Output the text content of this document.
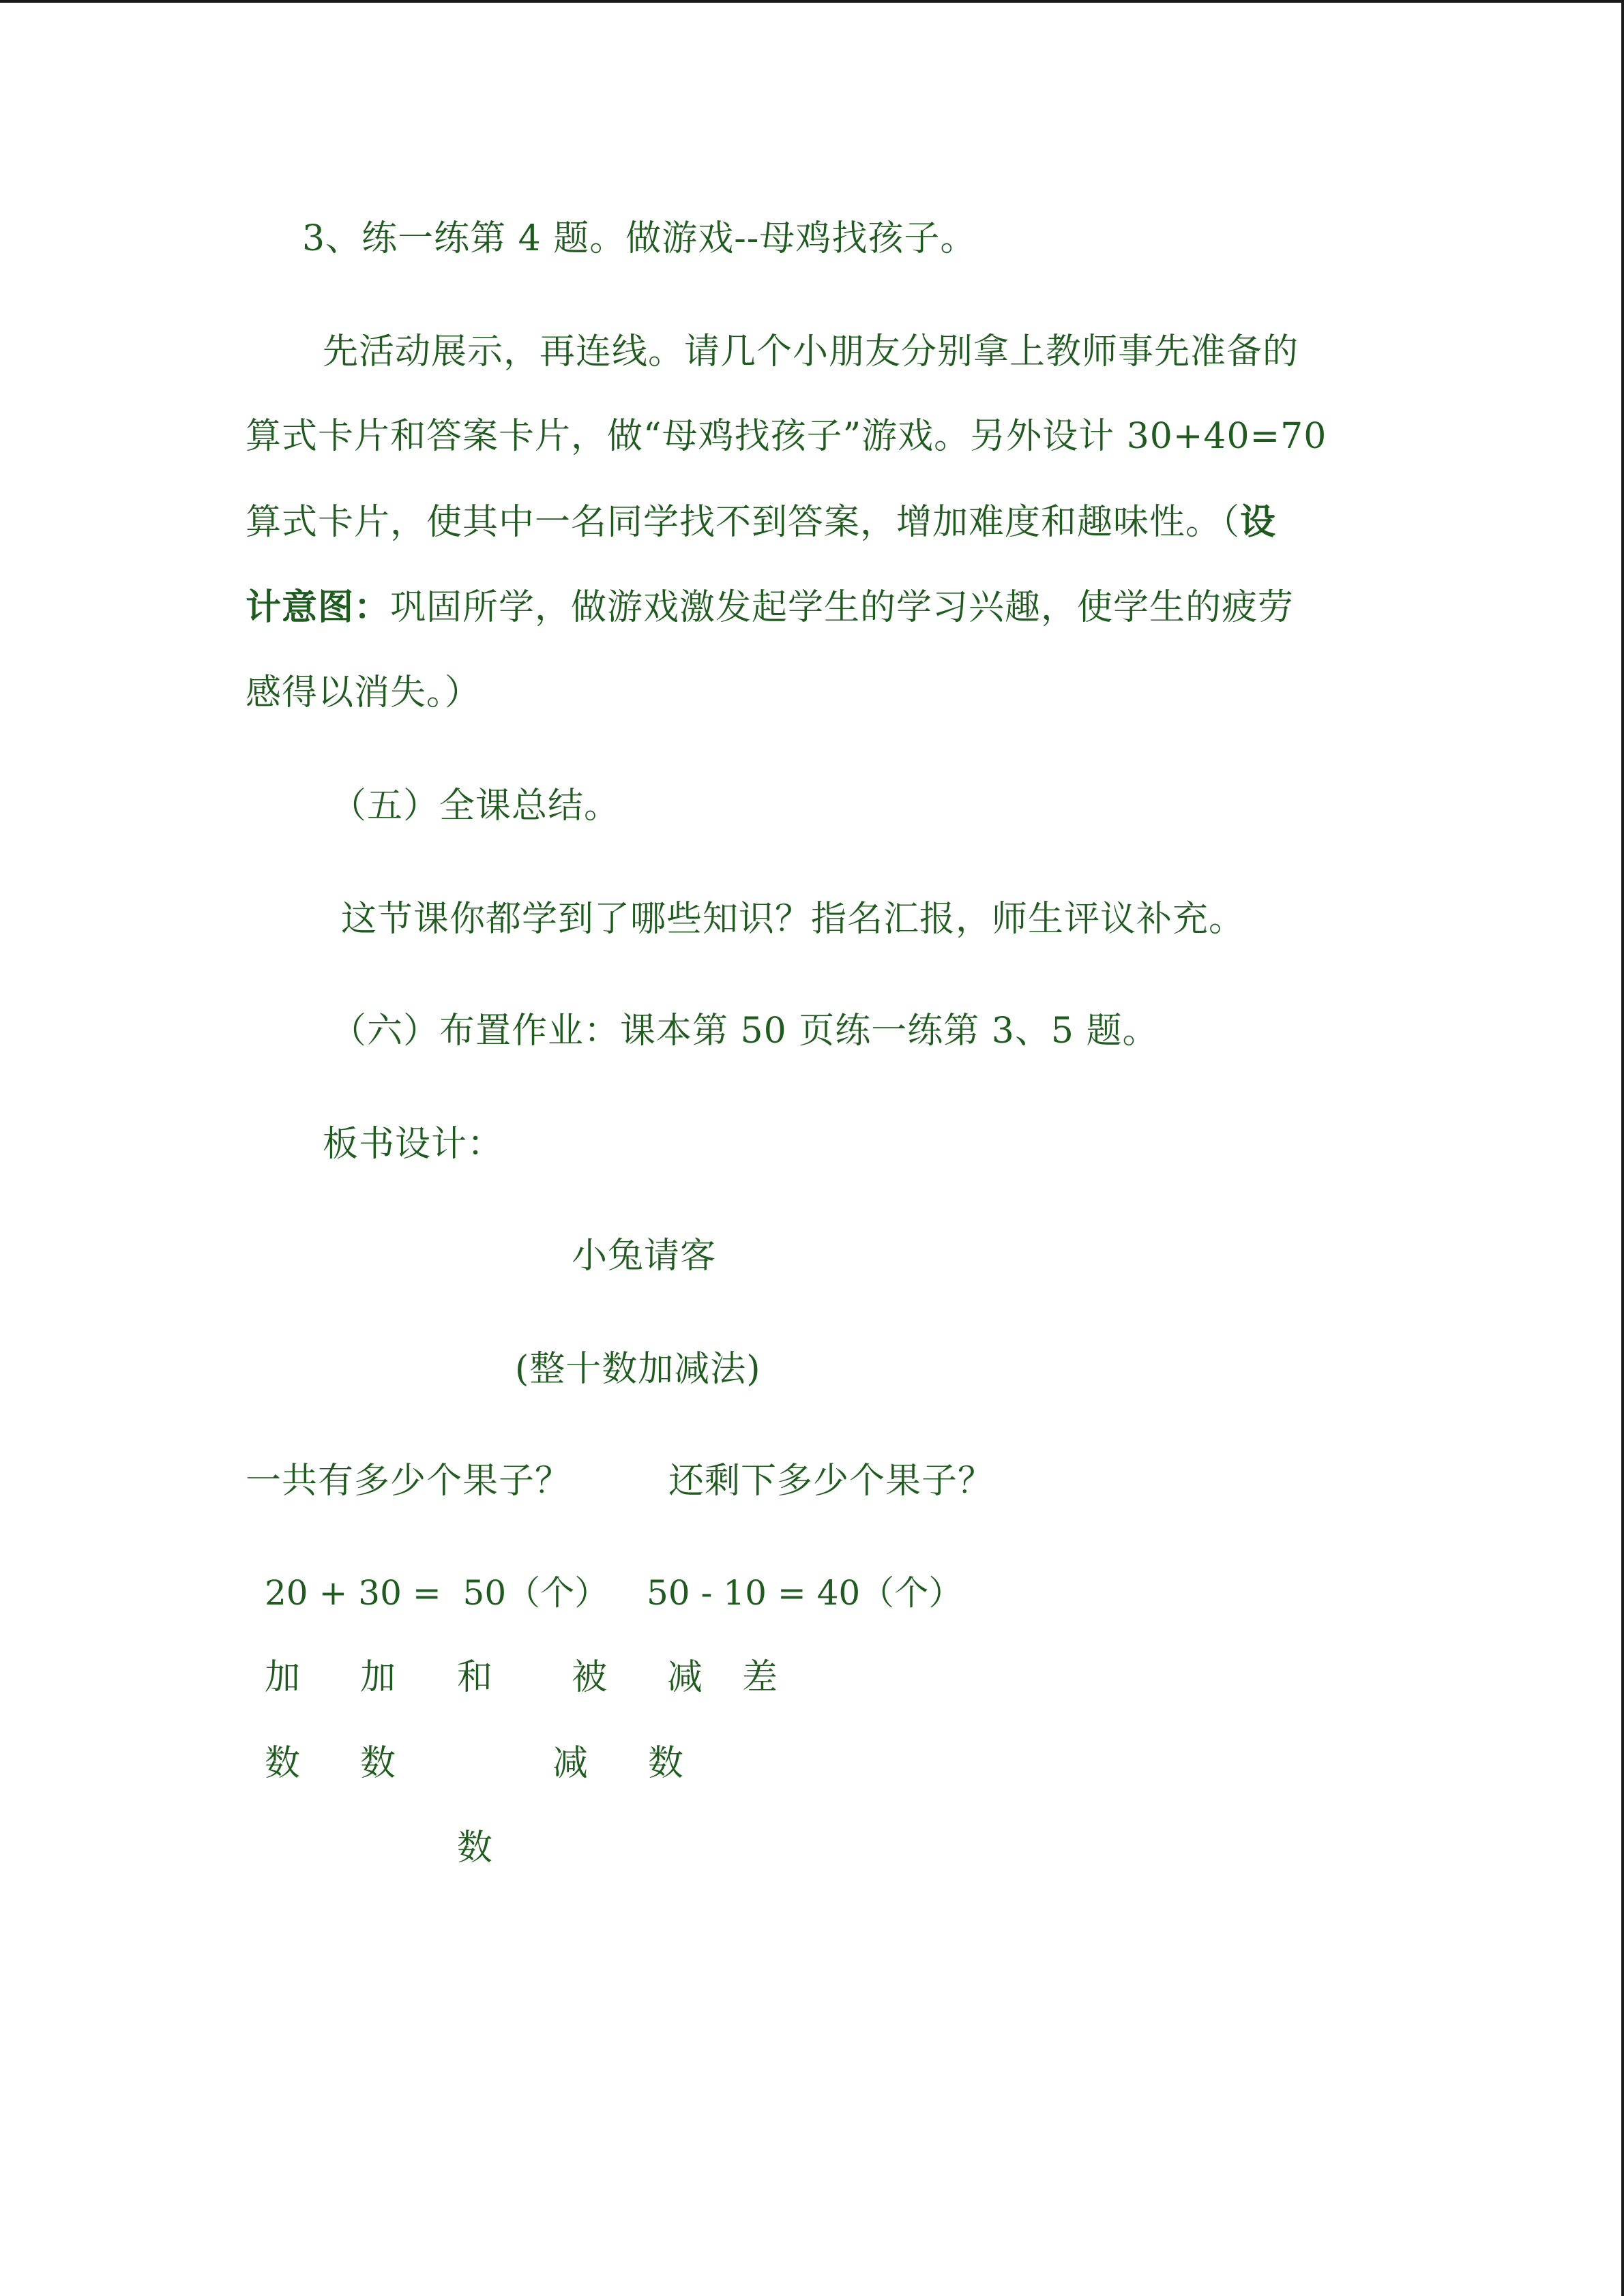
3、练一练第 4 题。做游戏--母鸡找孩子。
先活动展示，再连线。请几个小朋友分别拿上教师事先准备的
算式卡片和答案卡片，做“母鸡找孩子”游戏。另外设计 30+40=70
算式卡片，使其中一名同学找不到答案，增加难度和趣味性。（设
计意图：巩固所学，做游戏激发起学生的学习兴趣，使学生的疲劳
感得以消失。）
（五）全课总结。
这节课你都学到了哪些知识？指名汇报，师生评议补充。
（六）布置作业：课本第 50 页练一练第 3、5 题。
板书设计：
小兔请客
(整十数加减法)
一共有多少个果子？	还剩下多少个果子？
20 + 30 =  50（个） 50 - 10 = 40（个）
加 加 和 被 减 差
数 数	减 数
数
